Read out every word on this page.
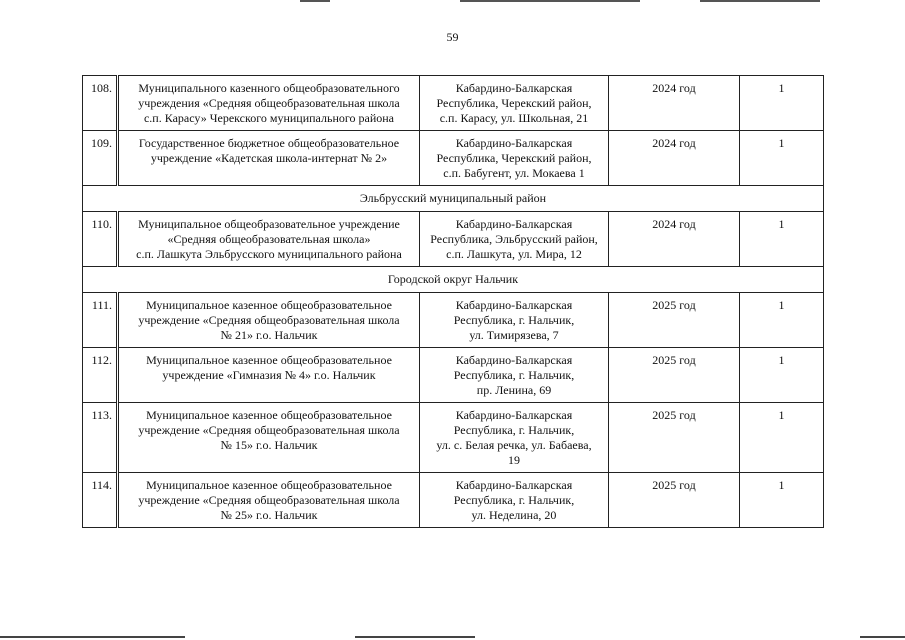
59
108.	Муниципального казенного общеобразовательного
учреждения «Средняя общеобразовательная школа
с.п. Карасу» Черекского муниципального района	Кабардино-Балкарская
Республика, Черекский район,
с.п. Карасу, ул. Школьная, 21	2024 год	1
109.	Государственное бюджетное общеобразовательное
учреждение «Кадетская школа-интернат № 2»	Кабардино-Балкарская
Республика, Черекский район,
с.п. Бабугент, ул. Мокаева 1	2024 год	1
Эльбрусский муниципальный район				
110.	Муниципальное общеобразовательное учреждение
«Средняя общеобразовательная школа»
с.п. Лашкута Эльбрусского муниципального района	Кабардино-Балкарская
Республика, Эльбрусский район,
с.п. Лашкута, ул. Мира, 12	2024 год	1
Городской округ Нальчик				
111.	Муниципальное казенное общеобразовательное
учреждение «Средняя общеобразовательная школа
№ 21» г.о. Нальчик	Кабардино-Балкарская
Республика, г. Нальчик,
ул. Тимирязева, 7	2025 год	1
112.	Муниципальное казенное общеобразовательное
учреждение «Гимназия № 4» г.о. Нальчик	Кабардино-Балкарская
Республика, г. Нальчик,
пр. Ленина, 69	2025 год	1
113.	Муниципальное казенное общеобразовательное
учреждение «Средняя общеобразовательная школа
№ 15» г.о. Нальчик	Кабардино-Балкарская
Республика, г. Нальчик,
ул. с. Белая речка, ул. Бабаева,
19	2025 год	1
114.	Муниципальное казенное общеобразовательное
учреждение «Средняя общеобразовательная школа
№ 25» г.о. Нальчик	Кабардино-Балкарская
Республика, г. Нальчик,
ул. Неделина, 20	2025 год	1
